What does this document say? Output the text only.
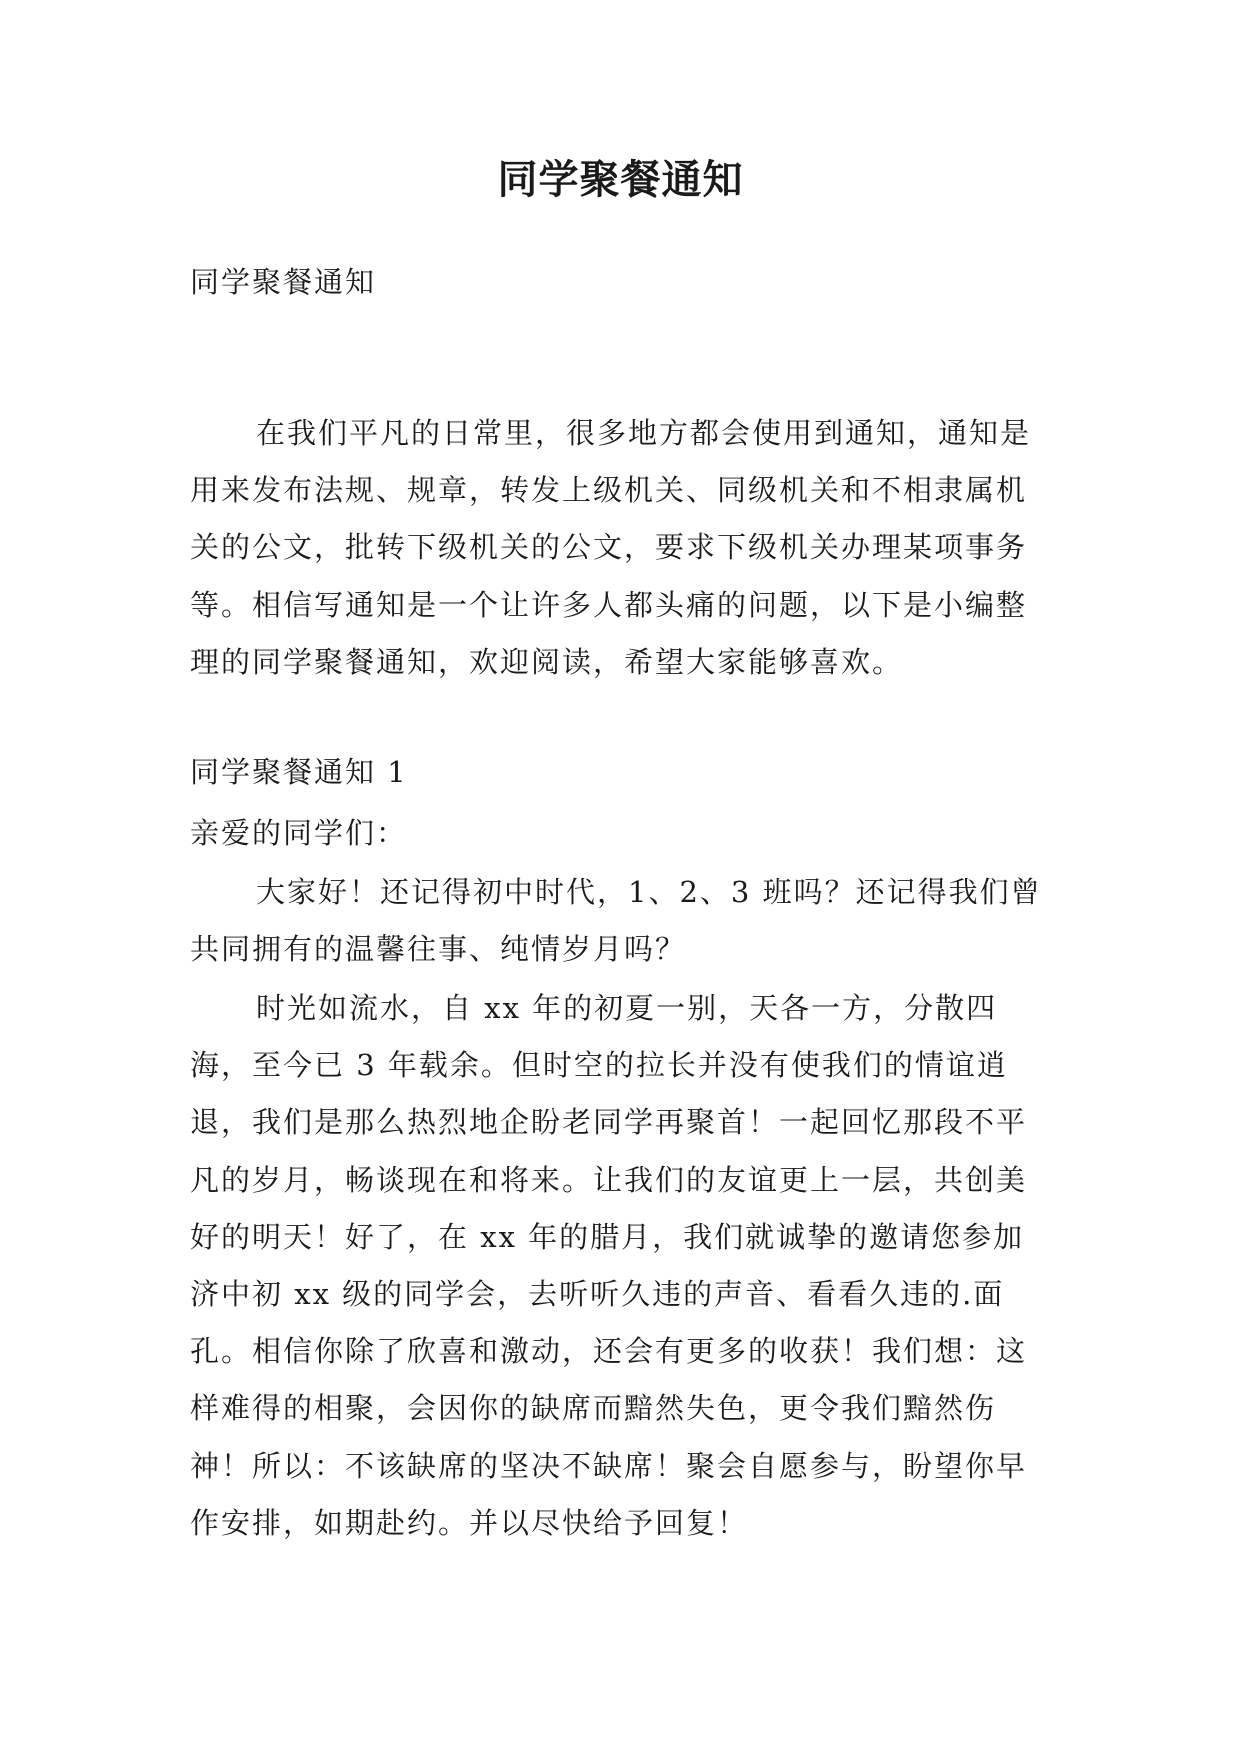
同学聚餐通知

同学聚餐通知

在我们平凡的日常里，很多地方都会使用到通知，通知是用来发布法规、规章，转发上级机关、同级机关和不相隶属机关的公文，批转下级机关的公文，要求下级机关办理某项事务等。相信写通知是一个让许多人都头痛的问题，以下是小编整理的同学聚餐通知，欢迎阅读，希望大家能够喜欢。

同学聚餐通知 1

亲爱的同学们：

大家好！还记得初中时代，1、2、3 班吗？还记得我们曾共同拥有的温馨往事、纯情岁月吗？

时光如流水，自 xx 年的初夏一别，天各一方，分散四海，至今已 3 年载余。但时空的拉长并没有使我们的情谊逍退，我们是那么热烈地企盼老同学再聚首！一起回忆那段不平凡的岁月，畅谈现在和将来。让我们的友谊更上一层，共创美好的明天！好了，在 xx 年的腊月，我们就诚挚的邀请您参加济中初 xx 级的同学会，去听听久违的声音、看看久违的.面孔。相信你除了欣喜和激动，还会有更多的收获！我们想：这样难得的相聚，会因你的缺席而黯然失色，更令我们黯然伤神！所以：不该缺席的坚决不缺席！聚会自愿参与，盼望你早作安排，如期赴约。并以尽快给予回复！
